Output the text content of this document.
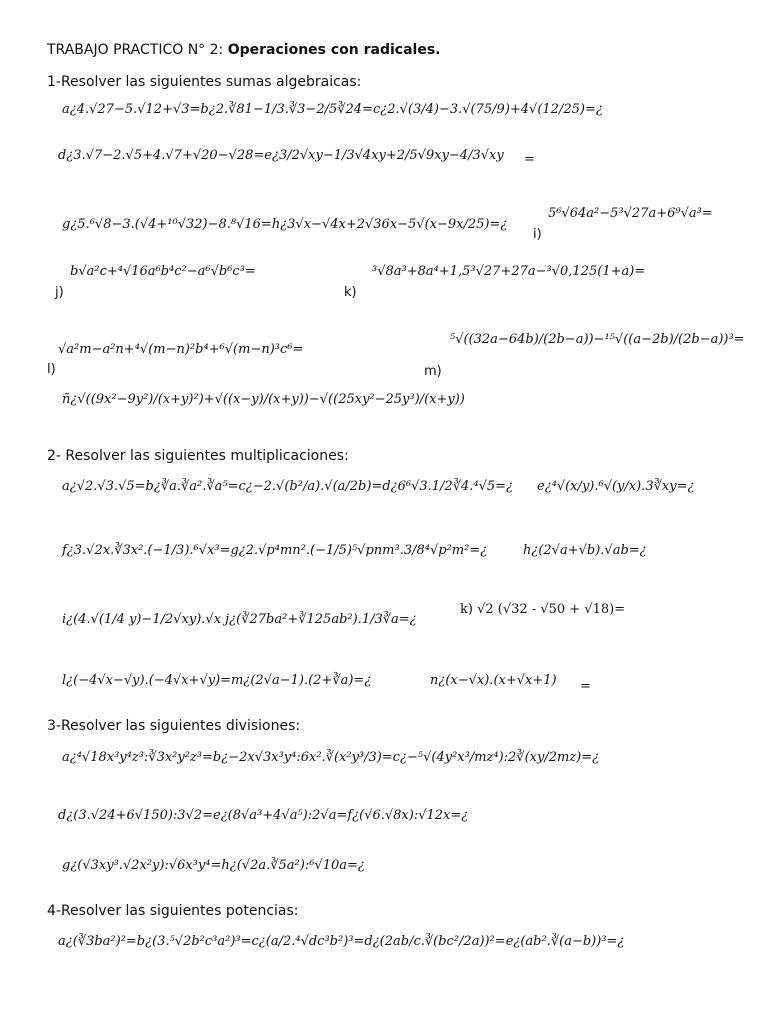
TRABAJO PRACTICO N° 2: Operaciones con radicales.
1-Resolver las siguientes sumas algebraicas:
a¿4.√27−5.√12+√3=b¿2.∛81−1/3.∛3−2/5∛24=c¿2.√(3/4)−3.√(75/9)+4√(12/25)=¿
d¿3.√7−2.√5+4.√7+√20−√28=e¿3/2√xy−1/3√4xy+2/5√9xy−4/3√xy =
5⁶√64a²−5³√27a+6⁹√a³=
g¿5.⁶√8−3.(√4+¹⁰√32)−8.⁸√16=h¿3√x−√4x+2√36x−5√(x−9x/25)=¿
i)
b√a²c+⁴√16a⁶b⁴c²−a⁶√b⁶c³=	³√8a³+8a⁴+1,5³√27+27a−³√0,125(1+a)=
j)	k)
⁵√((32a−64b)/(2b−a))−¹⁵√((a−2b)/(2b−a))³=
√a²m−a²n+⁴√(m−n)²b⁴+⁶√(m−n)³c⁶=
l)	m)
ñ¿√((9x²−9y²)/(x+y)²)+√((x−y)/(x+y))−√((25xy²−25y³)/(x+y))
2- Resolver las siguientes multiplicaciones:
a¿√2.√3.√5=b¿∛a.∛a².∛a⁵=c¿−2.√(b²/a).√(a/2b)=d¿6⁶√3.1/2∛4.⁴√5=¿ e¿⁴√(x/y).⁶√(y/x).3∛xy=¿
f¿3.√2x.∛3x².(−1/3).⁶√x³=g¿2.√p⁴mn².(−1/5)⁵√pnm³.3/8⁴√p²m²=¿	h¿(2√a+√b).√ab=¿
i¿(4.√(1/4 y)−1/2√xy).√x j¿(∛27ba²+∛125ab²).1/3∛a=¿
k) √2 (√32 - √50 + √18)=
l¿(−4√x−√y).(−4√x+√y)=m¿(2√a−1).(2+∛a)=¿	n¿(x−√x).(x+√x+1) =
3-Resolver las siguientes divisiones:
a¿⁴√18x³y⁴z³:∛3x²y²z³=b¿−2x√3x³y⁴:6x².∛(x²y³/3)=c¿−⁵√(4y²x³/mz⁴):2∛(xy/2mz)=¿
d¿(3.√24+6√150):3√2=e¿(8√a³+4√a⁵):2√a=f¿(√6.√8x):√12x=¿
g¿(√3xy³.√2x²y):√6x³y⁴=h¿(√2a.∛5a²):⁶√10a=¿
4-Resolver las siguientes potencias:
a¿(∛3ba²)²=b¿(3.⁵√2b²c³a²)³=c¿(a/2.⁴√dc³b²)³=d¿(2ab/c.∛(bc²/2a))²=e¿(ab².∛(a−b))³=¿
